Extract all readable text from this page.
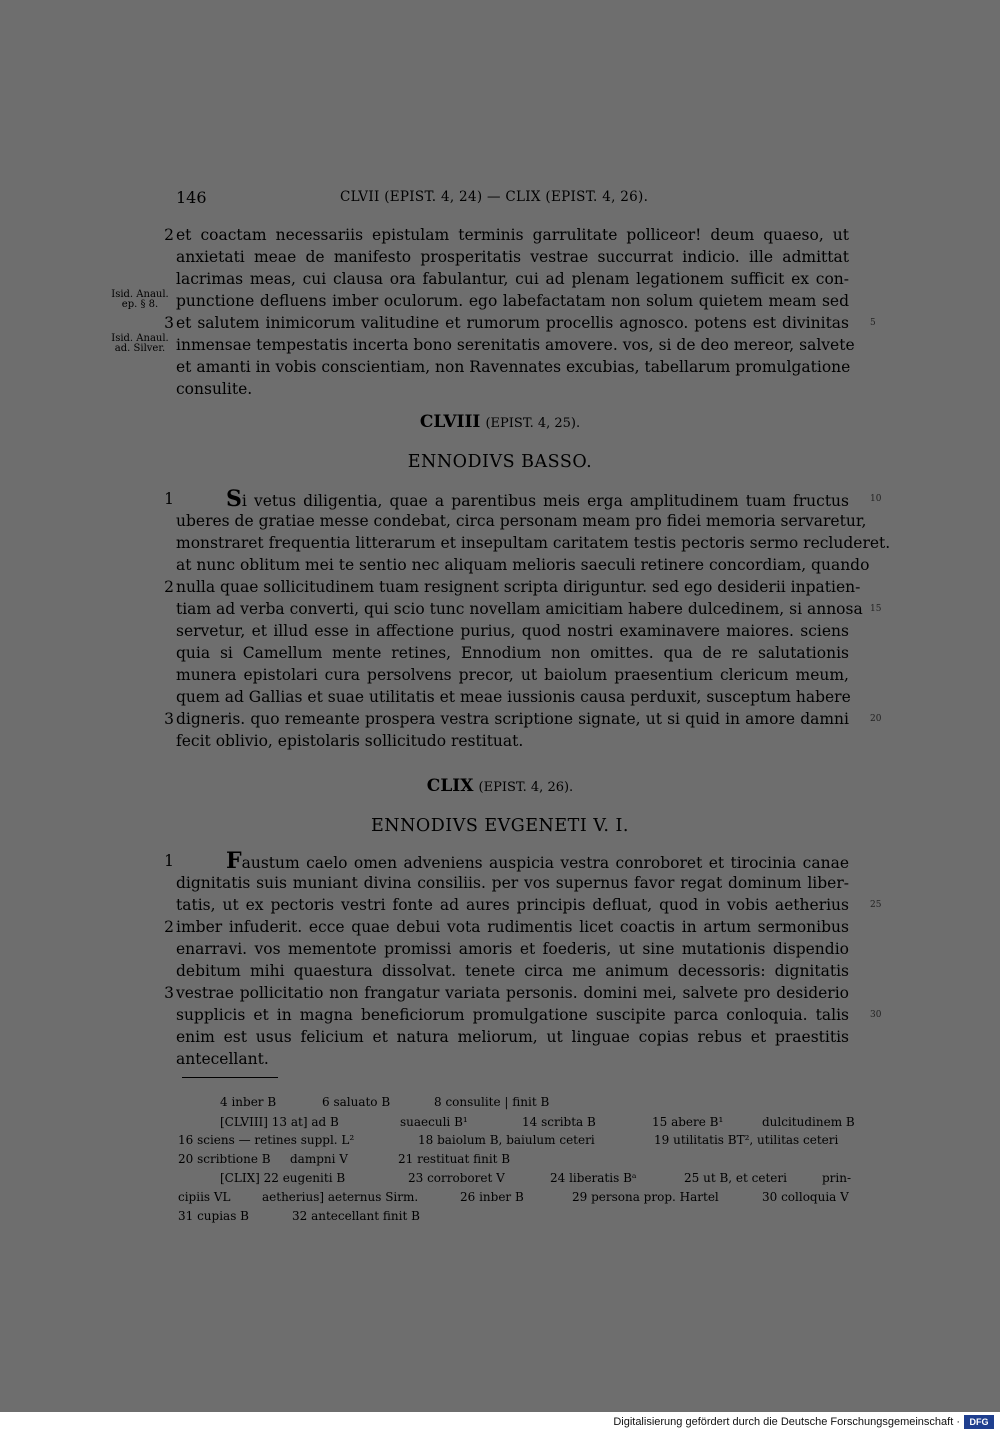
146	CLVII (EPIST. 4, 24) — CLIX (EPIST. 4, 26).
et coactam necessariis epistulam terminis garrulitate polliceor! deum quaeso, ut
anxietati meae de manifesto prosperitatis vestrae succurrat indicio. ille admittat
lacrimas meas, cui clausa ora fabulantur, cui ad plenam legationem sufficit ex con-
punctione defluens imber oculorum. ego labefactatam non solum quietem meam sed
et salutem inimicorum valitudine et rumorum procellis agnosco. potens est divinitas
inmensae tempestatis incerta bono serenitatis amovere. vos, si de deo mereor, salvete
et amanti in vobis conscientiam, non Ravennates excubias, tabellarum promulgatione
consulite.
2
3
Isid. Anaul.
ep. § 8.
Isid. Anaul.
ad. Silver.
5
CLVIII (EPIST. 4, 25).
ENNODIVS BASSO.
Si vetus diligentia, quae a parentibus meis erga amplitudinem tuam fructus
uberes de gratiae messe condebat, circa personam meam pro fidei memoria servaretur,
monstraret frequentia litterarum et insepultam caritatem testis pectoris sermo recluderet.
at nunc oblitum mei te sentio nec aliquam melioris saeculi retinere concordiam, quando
nulla quae sollicitudinem tuam resignent scripta diriguntur. sed ego desiderii inpatien-
tiam ad verba converti, qui scio tunc novellam amicitiam habere dulcedinem, si annosa
servetur, et illud esse in affectione purius, quod nostri examinavere maiores. sciens
quia si Camellum mente retines, Ennodium non omittes. qua de re salutationis
munera epistolari cura persolvens precor, ut baiolum praesentium clericum meum,
quem ad Gallias et suae utilitatis et meae iussionis causa perduxit, susceptum habere
digneris. quo remeante prospera vestra scriptione signate, ut si quid in amore damni
fecit oblivio, epistolaris sollicitudo restituat.
1
2
3
10
15
20
CLIX (EPIST. 4, 26).
ENNODIVS EVGENETI V. I.
Faustum caelo omen adveniens auspicia vestra conroboret et tirocinia canae
dignitatis suis muniant divina consiliis. per vos supernus favor regat dominum liber-
tatis, ut ex pectoris vestri fonte ad aures principis defluat, quod in vobis aetherius
imber infuderit. ecce quae debui vota rudimentis licet coactis in artum sermonibus
enarravi. vos mementote promissi amoris et foederis, ut sine mutationis dispendio
debitum mihi quaestura dissolvat. tenete circa me animum decessoris: dignitatis
vestrae pollicitatio non frangatur variata personis. domini mei, salvete pro desiderio
supplicis et in magna beneficiorum promulgatione suscipite parca conloquia. talis
enim est usus felicium et natura meliorum, ut linguae copias rebus et praestitis
antecellant.
1
2
3
25
30
4 inber B	6 saluato B	8 consulite | finit B
[CLVIII] 13 at] ad B	suaeculi B¹	14 scribta B	15 abere B¹	dulcitudinem B
16 sciens — retines suppl. L²	18 baiolum B, baiulum ceteri	19 utilitatis BT², utilitas ceteri
20 scribtione B dampni V	21 restituat finit B
[CLIX] 22 eugeniti B	23 corroboret V	24 liberatis Bᵃ	25 ut B, et ceteri	prin-
cipiis VL	aetherius] aeternus Sirm.	26 inber B	29 persona prop. Hartel	30 colloquia V
31 cupias B	32 antecellant finit B
Digitalisierung gefördert durch die Deutsche Forschungsgemeinschaft ·	DFG
